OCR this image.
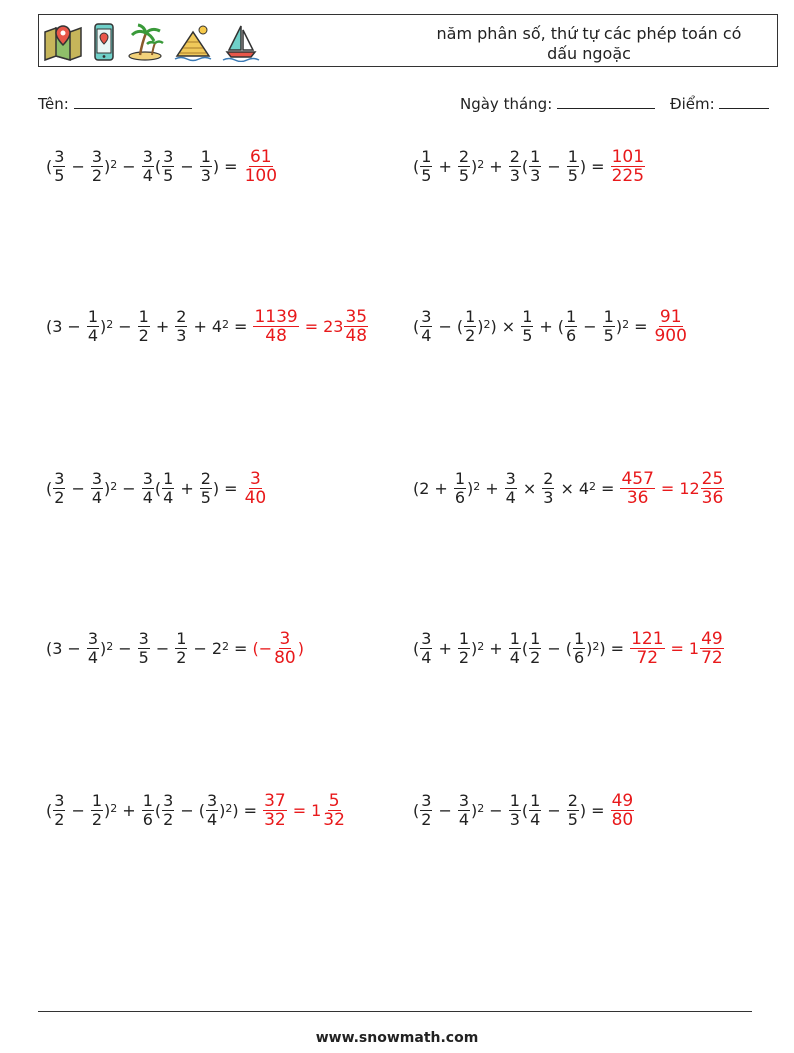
năm phân số, thứ tự các phép toán có dấu ngoặc
Tên:	Ngày tháng:	Điểm:
( $\frac{3}{5} - \frac{3}{2} )^2 - \frac{3}{4}$ ( $\frac{3}{5} - \frac{1}{3}$ ) = $\frac{61}{100}$	( $\frac{1}{5} + \frac{2}{5} )^2 + \frac{2}{3}$ ( $\frac{1}{3} - \frac{1}{5}$ ) = $\frac{101}{225}$
$(3 - \frac{1}{4} )^2 - \frac{1}{2} + \frac{2}{3} + 4^2 = \frac{1139}{48} = 23 \frac{35}{48}$	( $\frac{3}{4}$ − ( $\frac{1}{2} )^2$ ) × $\frac{1}{5}$ + ( $\frac{1}{6} - \frac{1}{5} )^2 = \frac{91}{900}$
( $\frac{3}{2} - \frac{3}{4} )^2 - \frac{3}{4}$ ( $\frac{1}{4} + \frac{2}{5}$ ) = $\frac{3}{40}$	$(2 + \frac{1}{6} )^2 + \frac{3}{4} \times \frac{2}{3} \times 4^2 = \frac{457}{36} = 12 \frac{25}{36}$
$(3 - \frac{3}{4} )^2 - \frac{3}{5} - \frac{1}{2} - 2^2$ = (− $\frac{3}{80}$ )	( $\frac{3}{4} + \frac{1}{2} )^2 + \frac{1}{4}$ ( $\frac{1}{2}$ − ( $\frac{1}{6} )^2$ ) = $\frac{121}{72} = 1 \frac{49}{72}$
( $\frac{3}{2} - \frac{1}{2} )^2 + \frac{1}{6}$ ( $\frac{3}{2}$ − ( $\frac{3}{4} )^2$ ) = $\frac{37}{32} = 1 \frac{5}{32}$	( $\frac{3}{2} - \frac{3}{4} )^2 - \frac{1}{3}$ ( $\frac{1}{4} - \frac{2}{5}$ ) = $\frac{49}{80}$
www.snowmath.com
